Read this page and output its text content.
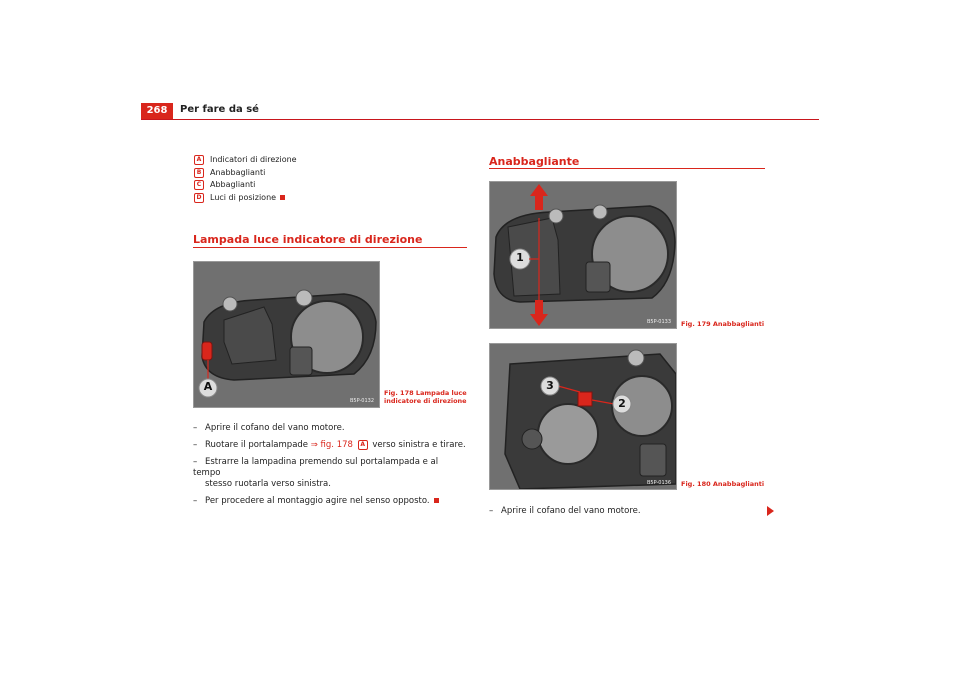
268	Per fare da sé
A	Indicatori di direzione
B	Anabbaglianti
C	Abbaglianti
D	Luci di posizione
Lampada luce indicatore di direzione
A
B5P-0132
Fig. 178 Lampada luce
indicatore di direzione
– Aprire il cofano del vano motore.
– Ruotare il portalampade ⇒ fig. 178 A verso sinistra e tirare.
– Estrarre la lampadina premendo sul portalampada e al tempo
stesso ruotarla verso sinistra.
– Per procedere al montaggio agire nel senso opposto.
Anabbagliante
1
B5P-0133 Fig. 179 Anabbaglianti
3
2
B5P-0136 Fig. 180 Anabbaglianti
– Aprire il cofano del vano motore.
